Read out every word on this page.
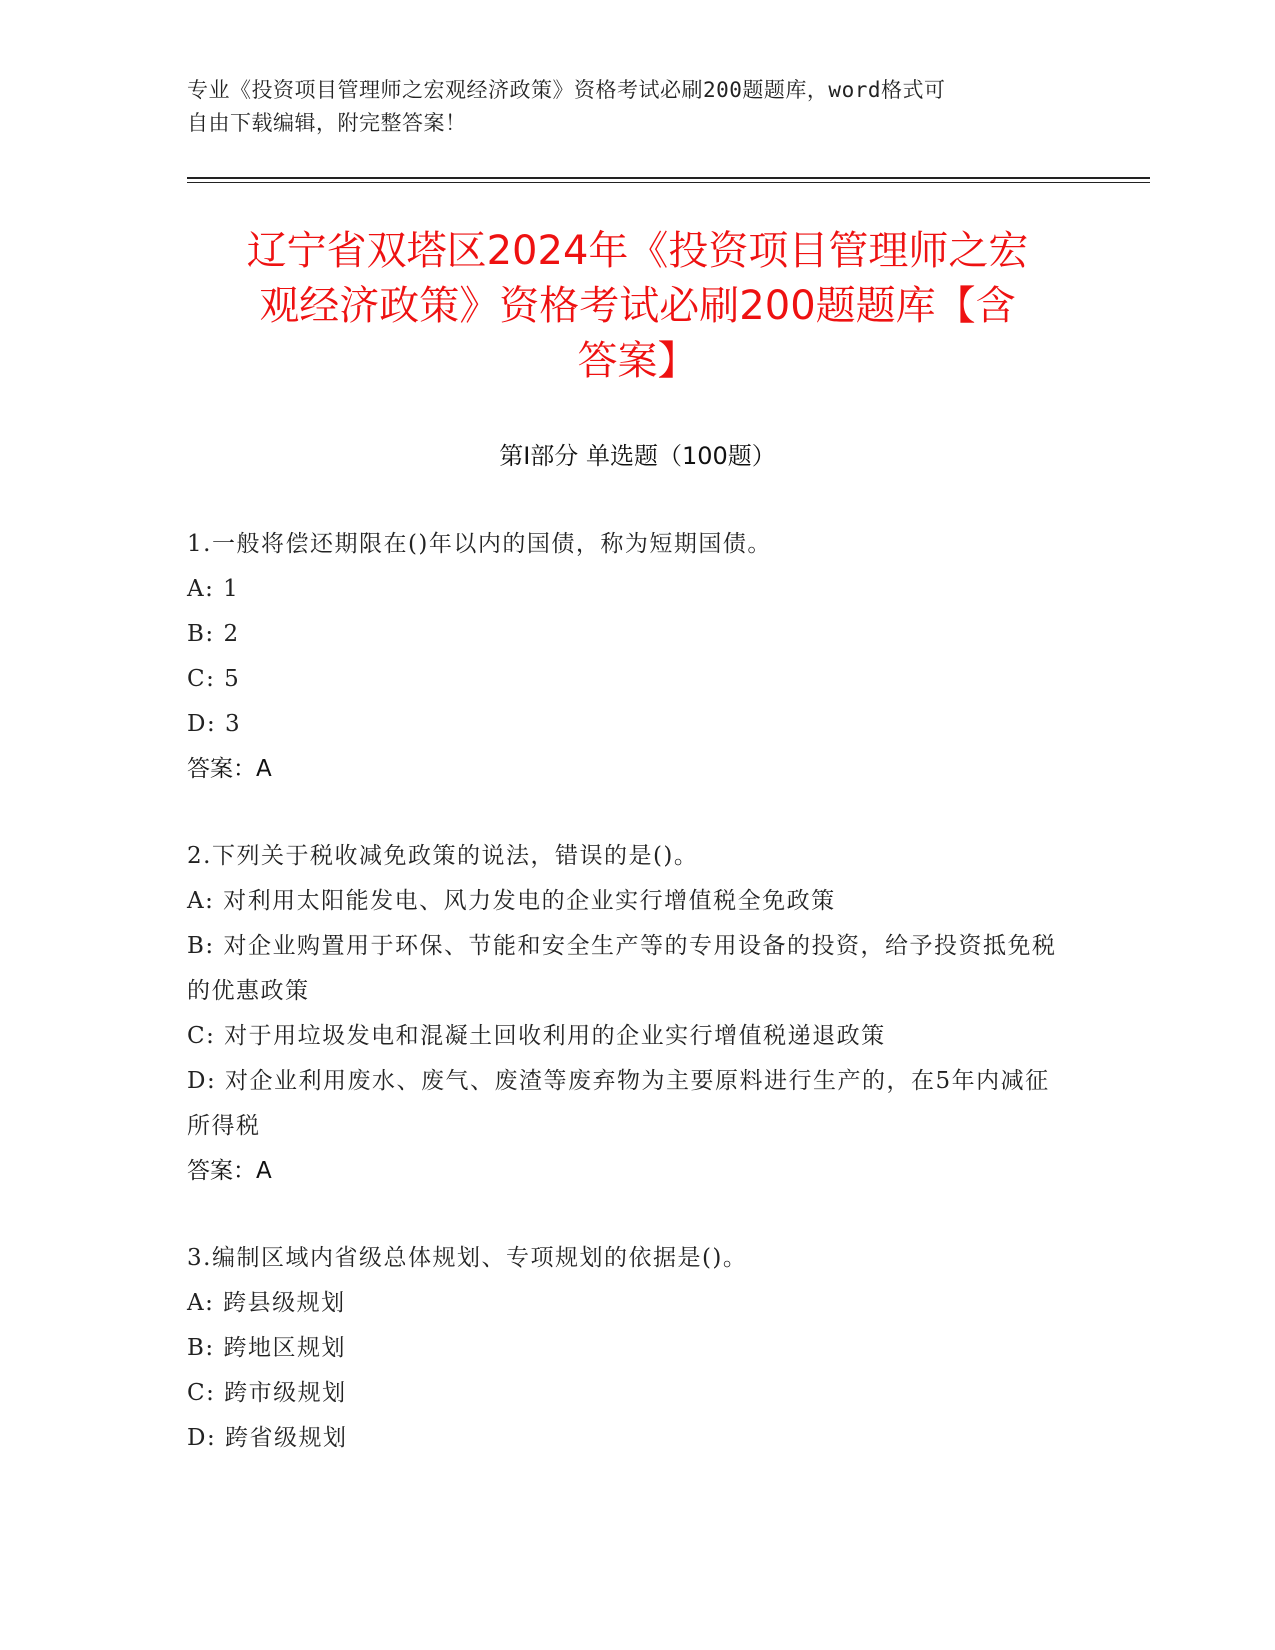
专业《投资项目管理师之宏观经济政策》资格考试必刷200题题库，word格式可
自由下载编辑，附完整答案！
辽宁省双塔区2024年《投资项目管理师之宏
观经济政策》资格考试必刷200题题库【含
答案】
第Ⅰ部分 单选题（100题）
1.一般将偿还期限在()年以内的国债，称为短期国债。
A: 1
B: 2
C: 5
D: 3
答案：A
2.下列关于税收减免政策的说法，错误的是()。
A: 对利用太阳能发电、风力发电的企业实行增值税全免政策
B: 对企业购置用于环保、节能和安全生产等的专用设备的投资，给予投资抵免税的优惠政策
C: 对于用垃圾发电和混凝土回收利用的企业实行增值税递退政策
D: 对企业利用废水、废气、废渣等废弃物为主要原料进行生产的，在5年内减征所得税
答案：A
3.编制区域内省级总体规划、专项规划的依据是()。
A: 跨县级规划
B: 跨地区规划
C: 跨市级规划
D: 跨省级规划
